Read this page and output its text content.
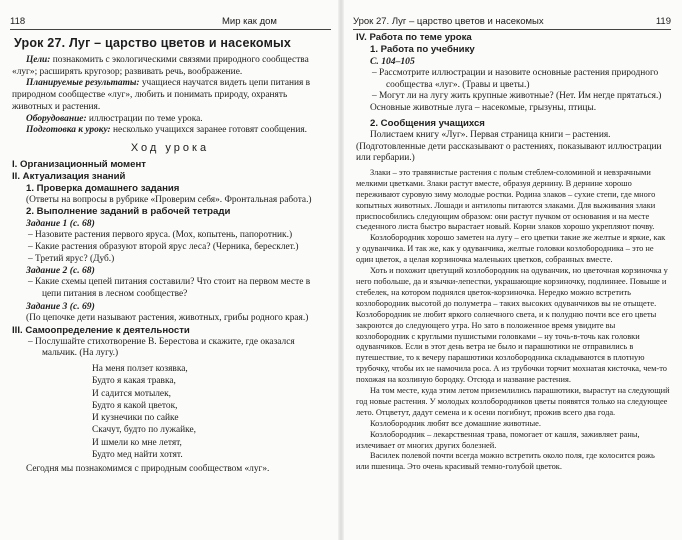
118	Мир как дом
Урок 27. Луг – царство цветов и насекомых

Цели: познакомить с экологическими связями природного сообщества «луг»; расширять кругозор; развивать речь, воображение.

Планируемые результаты: учащиеся научатся видеть цепи питания в природном сообществе «луг», любить и понимать природу, охранять животных и растения.

Оборудование: иллюстрации по теме урока.

Подготовка к уроку: несколько учащихся заранее готовят сообщения.

Ход урока
I. Организационный момент
II. Актуализация знаний
1. Проверка домашнего задания

(Ответы на вопросы в рубрике «Проверим себя». Фронтальная работа.)

2. Выполнение заданий в рабочей тетради
Задание 1 (с. 68)

– Назовите растения первого яруса. (Мох, копытень, папоротник.)

– Какие растения образуют второй ярус леса? (Черника, бересклет.)

– Третий ярус? (Дуб.)

Задание 2 (с. 68)

– Какие схемы цепей питания составили? Что стоит на первом месте в цепи питания в лесном сообществе?

Задание 3 (с. 69)

(По цепочке дети называют растения, животных, грибы родного края.)

III. Самоопределение к деятельности

– Послушайте стихотворение В. Берестова и скажите, где оказался мальчик. (На лугу.)

На меня ползет козявка,
Будто я какая травка,
И садится мотылек,
Будто я какой цветок,
И кузнечики по сайке
Скачут, будто по лужайке,
И шмели ко мне летят,
Будто мед найти хотят.

Сегодня мы познакомимся с природным сообществом «луг».

Урок 27. Луг – царство цветов и насекомых	119
IV. Работа по теме урока
1. Работа по учебнику
С. 104–105

– Рассмотрите иллюстрации и назовите основные растения природного сообщества «луг». (Травы и цветы.)

– Могут ли на лугу жить крупные животные? (Нет. Им негде прятаться.)

Основные животные луга – насекомые, грызуны, птицы.

2. Сообщения учащихся

Полистаем книгу «Луг». Первая страница книги – растения. (Подготовленные дети рассказывают о растениях, показывают иллюстрации или гербарии.)

Злаки – это травянистые растения с полым стеблем-соломиной и невзрачными мелкими цветками. Злаки растут вместе, образуя дернину. В дернине хорошо переживают суровую зиму молодые ростки. Родина злаков – сухие степи, где много копытных животных. Лошади и антилопы питаются злаками. Для выживания злаки приспособились следующим образом: они растут пучком от основания и на месте съеденного листа быстро вырастает новый. Корни злаков хорошо укрепляют почву.

Козлобородник хорошо заметен на лугу – его цветки такие же желтые и яркие, как у одуванчика. И так же, как у одуванчика, желтые головки козлобородника – это не один цветок, а целая корзиночка маленьких цветков, собранных вместе.

Хоть и похожит цветущий козлобородник на одуванчик, но цветочная корзиночка у него побольше, да и язычки-лепестки, украшающие корзиночку, подлиннее. Повыше и стебелек, на котором поднялся цветок-корзиночка. Нередко можно встретить козлобородник высотой до полуметра – таких высоких одуванчиков вы не отыщете. Козлобородник не любит яркого солнечного света, и к полудню почти все его цветы закроются до следующего утра. Но зато в положенное время увидите вы козлобородник с круглыми пушистыми головками – ну точь-в-точь как головки одуванчиков. Если в этот день ветра не было и парашютики не отправились в путешествие, то к вечеру парашютики козлобородника складываются в плотную трубочку, чтобы их не намочила роса. А из трубочки торчит мохнатая кисточка, чем-то похожая на козлиную бородку. Отсюда и название растения.

На том месте, куда этим летом приземлились парашютики, вырастут на следующий год новые растения. У молодых козлобородников цветы появятся только на следующее лето. Отцветут, дадут семена и к осени погибнут, прожив всего два года.

Козлобородник любят все домашние животные.

Козлобородник – лекарственная трава, помогает от кашля, заживляет раны, излечивает от многих других болезней.

Василек полевой почти всегда можно встретить около поля, где колосится рожь или пшеница. Это очень красивый темно-голубой цветок.
